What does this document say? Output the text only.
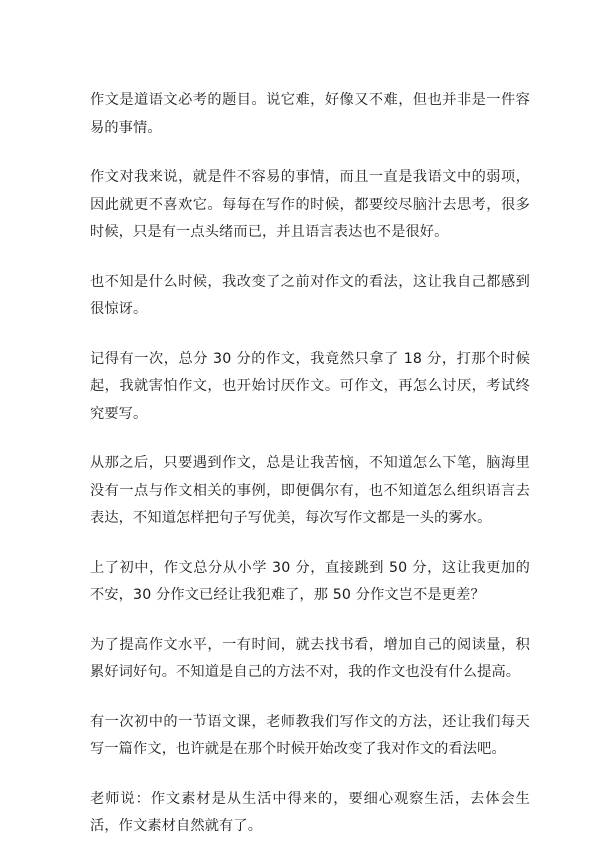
作文是道语文必考的题目。说它难，好像又不难，但也并非是一件容易的事情。

作文对我来说，就是件不容易的事情，而且一直是我语文中的弱项，因此就更不喜欢它。每每在写作的时候，都要绞尽脑汁去思考，很多时候，只是有一点头绪而已，并且语言表达也不是很好。

也不知是什么时候，我改变了之前对作文的看法，这让我自己都感到很惊讶。

记得有一次，总分 30 分的作文，我竟然只拿了 18 分，打那个时候起，我就害怕作文，也开始讨厌作文。可作文，再怎么讨厌，考试终究要写。

从那之后，只要遇到作文，总是让我苦恼，不知道怎么下笔，脑海里没有一点与作文相关的事例，即便偶尔有，也不知道怎么组织语言去表达，不知道怎样把句子写优美，每次写作文都是一头的雾水。

上了初中，作文总分从小学 30 分，直接跳到 50 分，这让我更加的不安，30 分作文已经让我犯难了，那 50 分作文岂不是更差？

为了提高作文水平，一有时间，就去找书看，增加自己的阅读量，积累好词好句。不知道是自己的方法不对，我的作文也没有什么提高。

有一次初中的一节语文课，老师教我们写作文的方法，还让我们每天写一篇作文，也许就是在那个时候开始改变了我对作文的看法吧。

老师说：作文素材是从生活中得来的，要细心观察生活，去体会生活，作文素材自然就有了。
